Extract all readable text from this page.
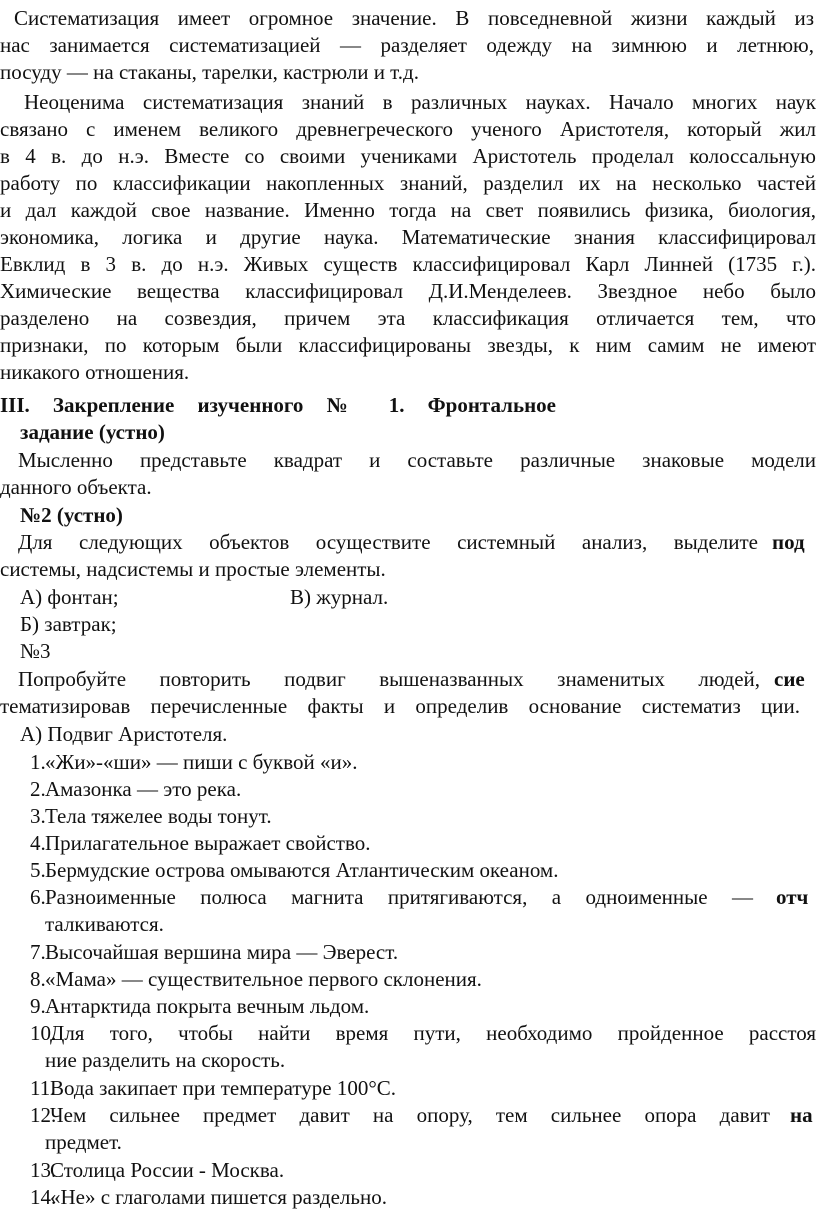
Систематизация имеет огромное значение. В повседневной жизни каждый из
нас занимается систематизацией — разделяет одежду на зимнюю и летнюю,
посуду — на стаканы, тарелки, кастрюли и т.д.
Неоценима систематизация знаний в различных науках. Начало многих наук
связано с именем великого древнегреческого ученого Аристотеля, который жил
в 4 в. до н.э. Вместе со своими учениками Аристотель проделал колоссальную
работу по классификации накопленных знаний, разделил их на несколько частей
и дал каждой свое название. Именно тогда на свет появились физика, биология,
экономика, логика и другие наука. Математические знания классифицировал
Евклид в 3 в. до н.э. Живых существ классифицировал Карл Линней (1735 г.).
Химические вещества классифицировал Д.И.Менделеев. Звездное небо было
разделено на созвездия, причем эта классификация отличается тем, что
признаки, по которым были классифицированы звезды, к ним самим не имеют
никакого отношения.
III. Закрепление изученного № 1. Фронтальное
задание (устно)
Мысленно представьте квадрат и составьте различные знаковые модели
данного объекта.
№2 (устно)
Для следующих объектов осуществите системный анализ, выделите под
системы, надсистемы и простые элементы.
А) фонтан;	В) журнал.
Б) завтрак;
№3
Попробуйте повторить подвиг вышеназванных знаменитых людей, сие
тематизировав перечисленные факты и определив основание систематиз ции.
А) Подвиг Аристотеля.
1. «Жи»-«ши» — пиши с буквой «и».
2. Амазонка — это река.
3. Тела тяжелее воды тонут.
4. Прилагательное выражает свойство.
5. Бермудские острова омываются Атлантическим океаном.
6. Разноименные полюса магнита притягиваются, а одноименные — отч
талкиваются.
7. Высочайшая вершина мира — Эверест.
8. «Мама» — существительное первого склонения.
9. Антарктида покрыта вечным льдом.
10.
Для того, чтобы найти время пути, необходимо пройденное расстоя
ние разделить на скорость.
11.
Вода закипает при температуре 100°С.
12.
Чем сильнее предмет давит на опору, тем сильнее опора давит на
предмет.
13.
Столица России - Москва.
14.
«Не» с глаголами пишется раздельно.
